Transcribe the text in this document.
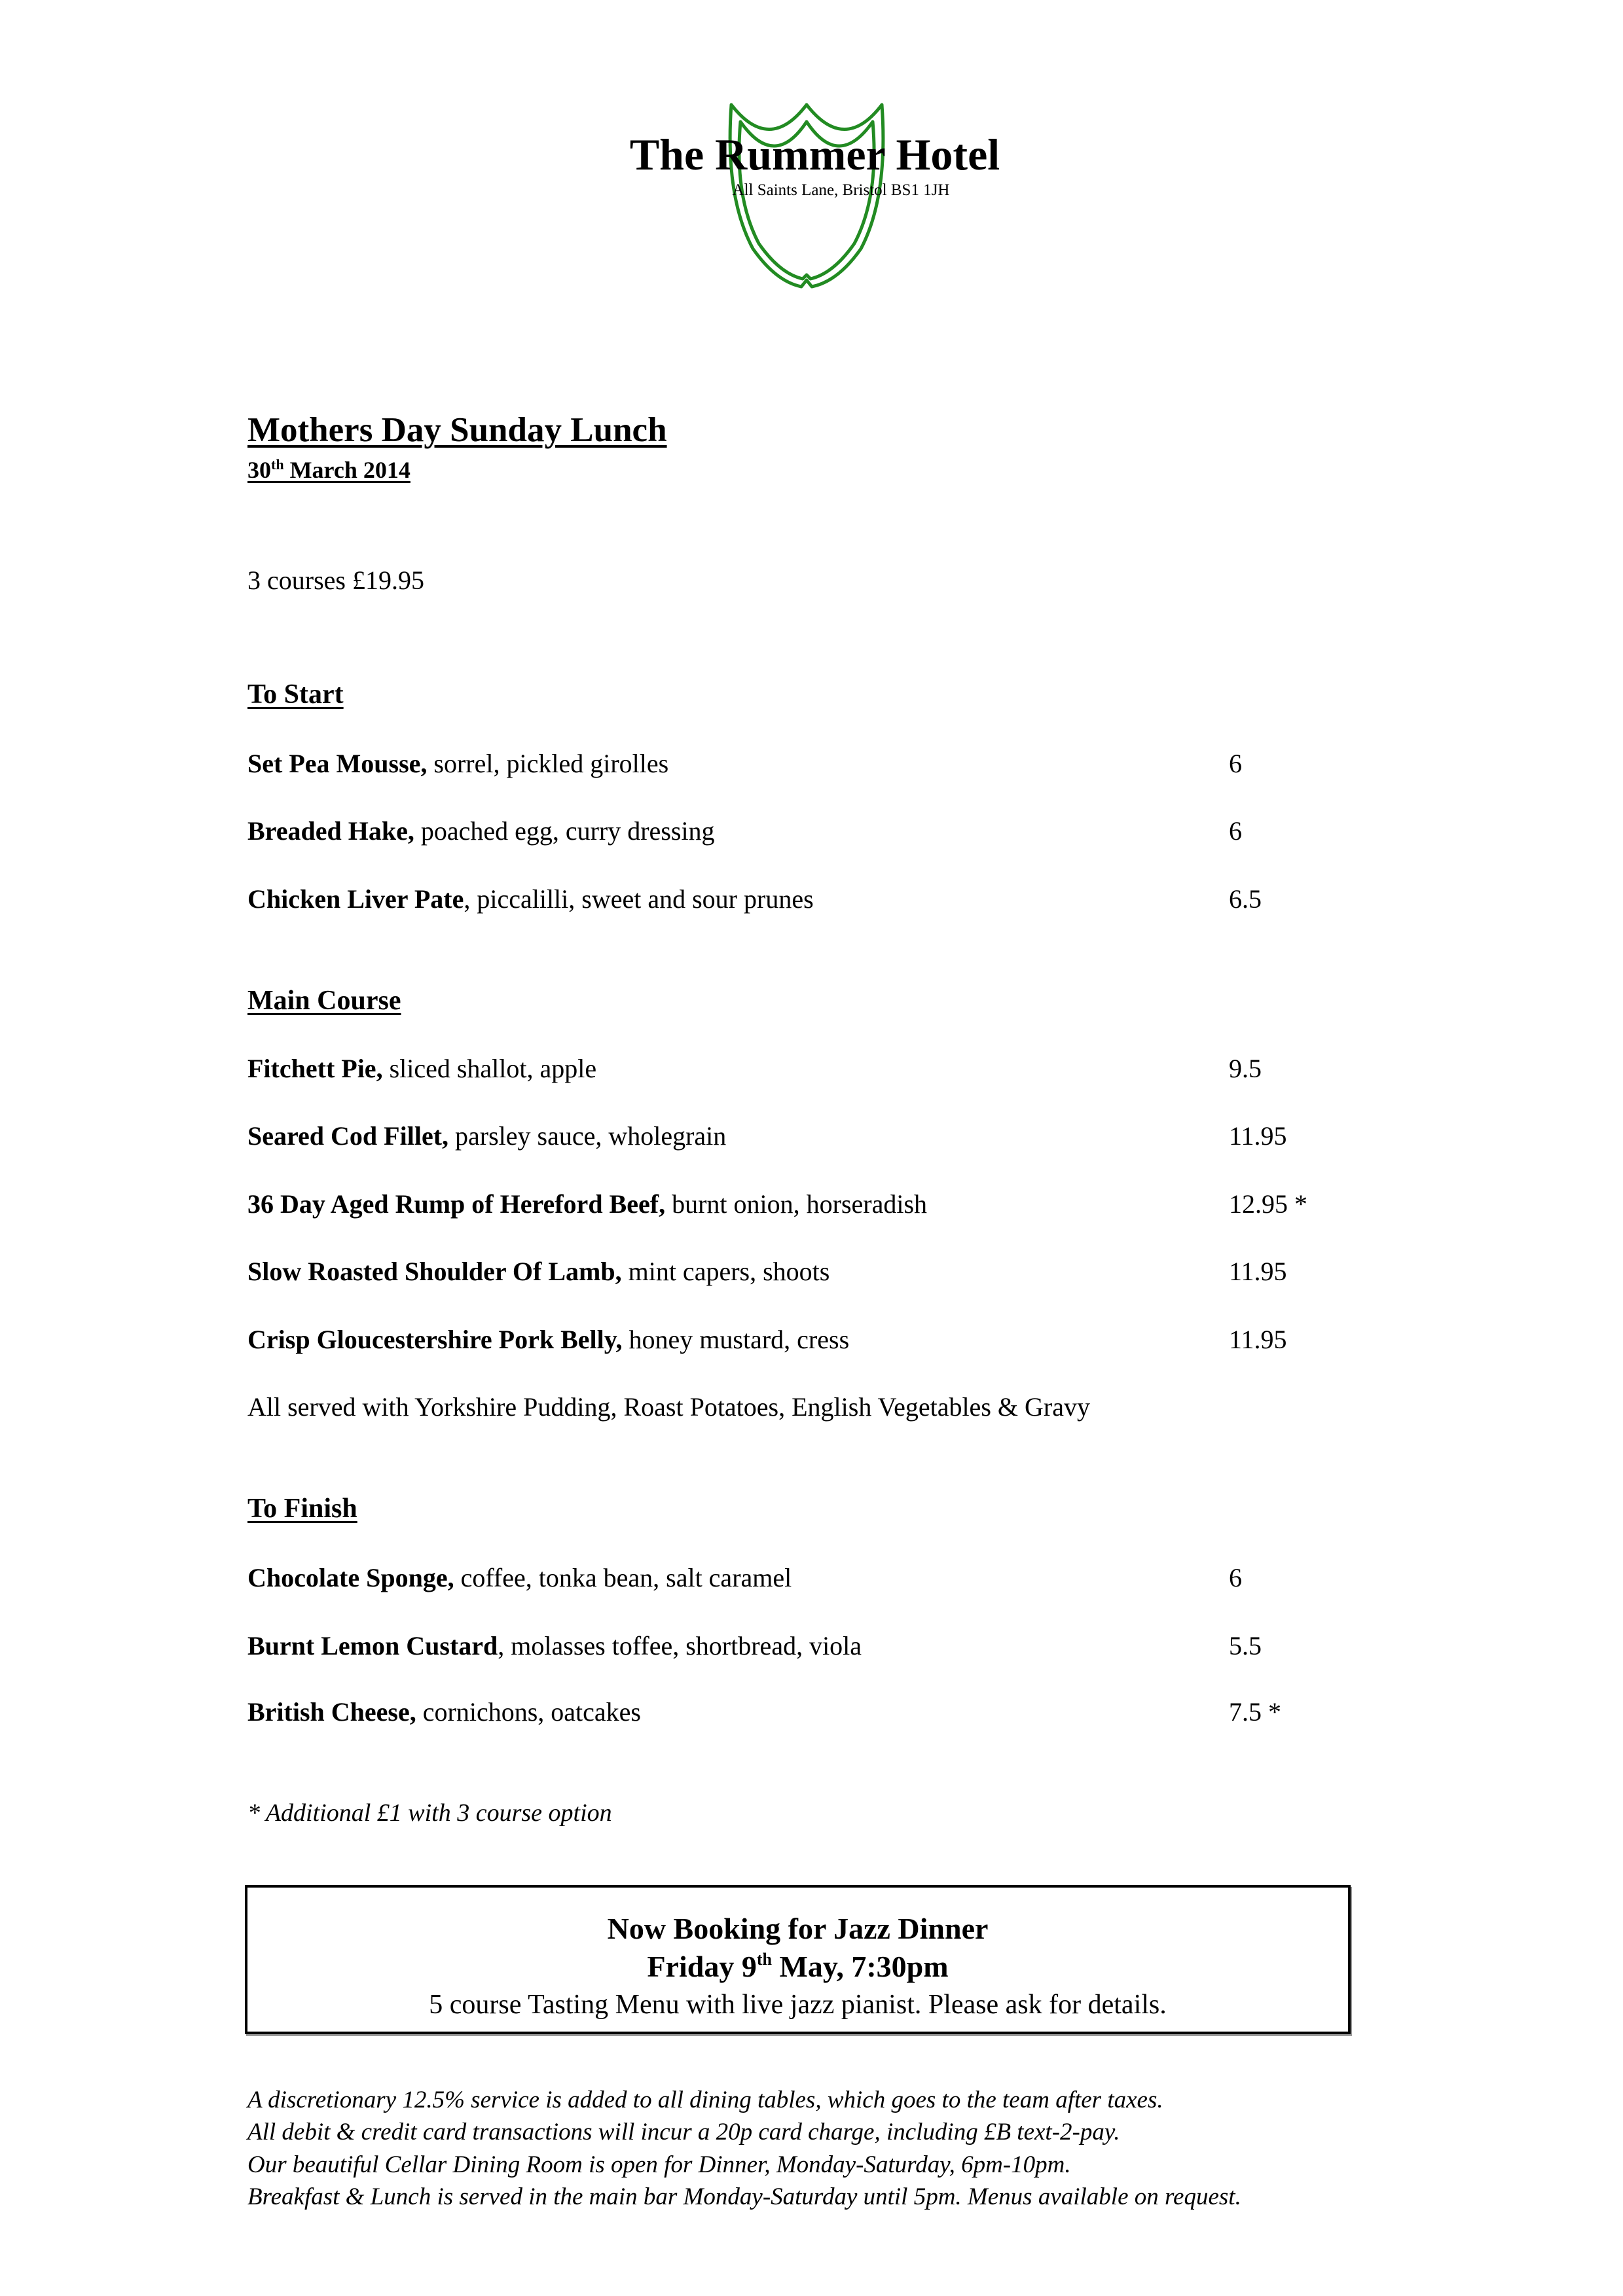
The Rummer Hotel
All Saints Lane, Bristol BS1 1JH
Mothers Day Sunday Lunch
30th March 2014
3 courses £19.95
To Start
Set Pea Mousse, sorrel, pickled girolles	6
Breaded Hake, poached egg, curry dressing	6
Chicken Liver Pate, piccalilli, sweet and sour prunes	6.5
Main Course
Fitchett Pie, sliced shallot, apple	9.5
Seared Cod Fillet, parsley sauce, wholegrain	11.95
36 Day Aged Rump of Hereford Beef, burnt onion, horseradish	12.95 *
Slow Roasted Shoulder Of Lamb, mint capers, shoots	11.95
Crisp Gloucestershire Pork Belly, honey mustard, cress	11.95
All served with Yorkshire Pudding, Roast Potatoes, English Vegetables & Gravy
To Finish
Chocolate Sponge, coffee, tonka bean, salt caramel	6
Burnt Lemon Custard, molasses toffee, shortbread, viola	5.5
British Cheese, cornichons, oatcakes	7.5 *
* Additional £1 with 3 course option
Now Booking for Jazz Dinner
Friday 9th May, 7:30pm
5 course Tasting Menu with live jazz pianist. Please ask for details.
A discretionary 12.5% service is added to all dining tables, which goes to the team after taxes.
All debit & credit card transactions will incur a 20p card charge, including £B text-2-pay.
Our beautiful Cellar Dining Room is open for Dinner, Monday-Saturday, 6pm-10pm.
Breakfast & Lunch is served in the main bar Monday-Saturday until 5pm. Menus available on request.
